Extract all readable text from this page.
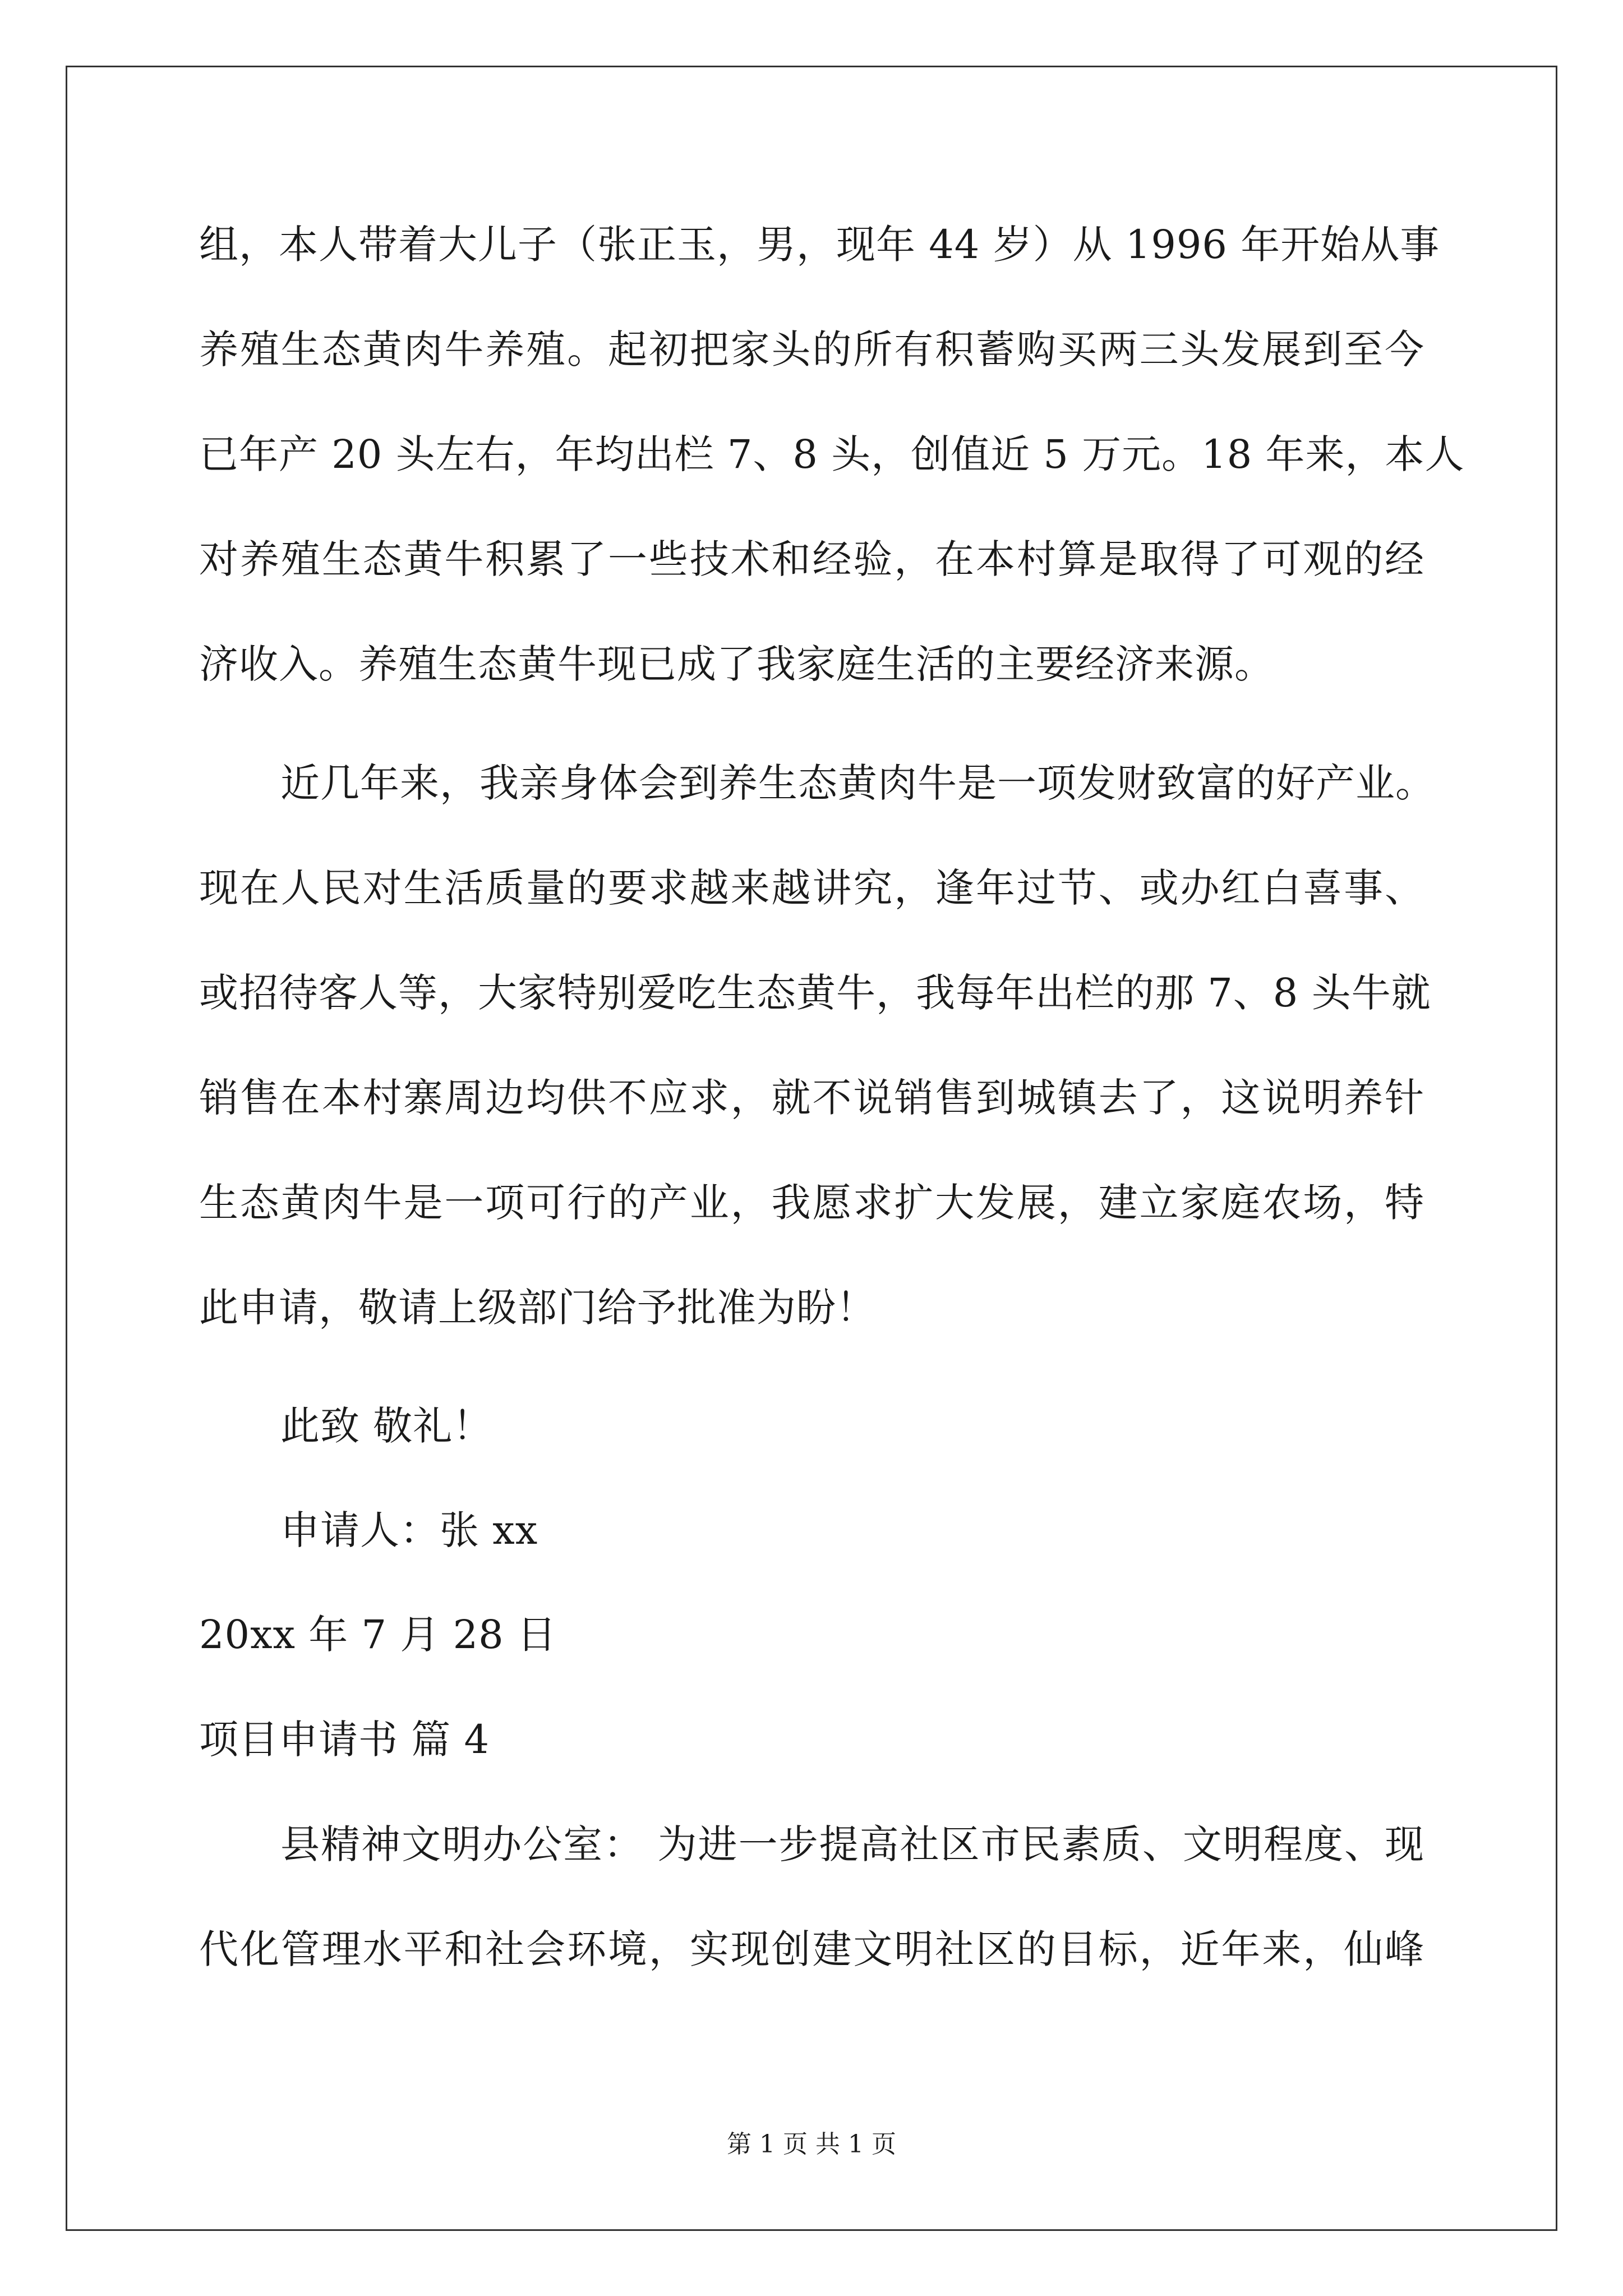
组，本人带着大儿子（张正玉，男，现年 44 岁）从 1996 年开始从事
养殖生态黄肉牛养殖。起初把家头的所有积蓄购买两三头发展到至今
已年产 20 头左右，年均出栏 7、8 头，创值近 5 万元。18 年来，本人
对养殖生态黄牛积累了一些技术和经验，在本村算是取得了可观的经
济收入。养殖生态黄牛现已成了我家庭生活的主要经济来源。
近几年来，我亲身体会到养生态黄肉牛是一项发财致富的好产业。
现在人民对生活质量的要求越来越讲究，逢年过节、或办红白喜事、
或招待客人等，大家特别爱吃生态黄牛，我每年出栏的那 7、8 头牛就
销售在本村寨周边均供不应求，就不说销售到城镇去了，这说明养针
生态黄肉牛是一项可行的产业，我愿求扩大发展，建立家庭农场，特
此申请，敬请上级部门给予批准为盼！
此致 敬礼！
申请人：张 xx
20xx 年 7 月 28 日
项目申请书 篇 4
县精神文明办公室： 为进一步提高社区市民素质、文明程度、现
代化管理水平和社会环境，实现创建文明社区的目标，近年来，仙峰
第 1 页 共 1 页
